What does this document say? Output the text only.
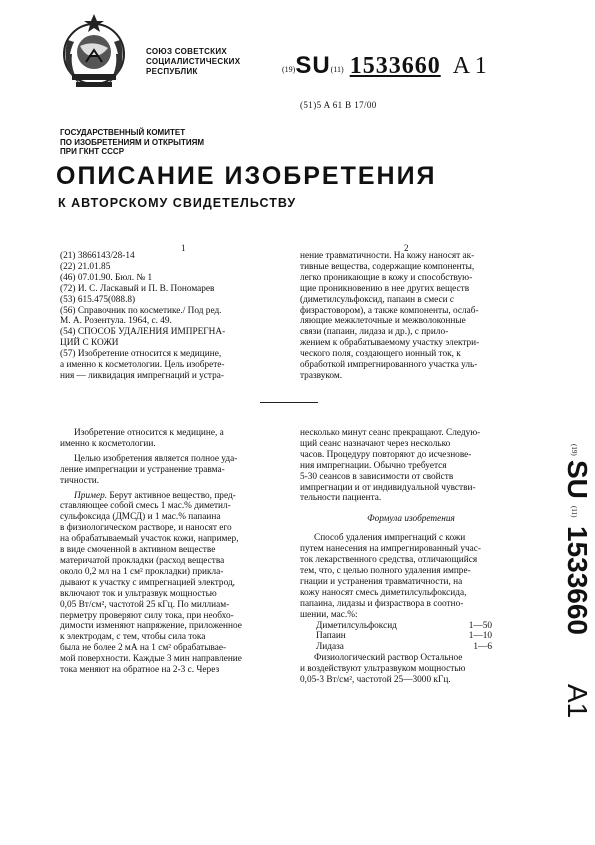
СОЮЗ СОВЕТСКИХ
СОЦИАЛИСТИЧЕСКИХ
РЕСПУБЛИК	(19)SU(11) 1533660 A 1
(51)5 A 61 B 17/00
ГОСУДАРСТВЕННЫЙ КОМИТЕТ
ПО ИЗОБРЕТЕНИЯМ И ОТКРЫТИЯМ
ПРИ ГКНТ СССР
ОПИСАНИЕ ИЗОБРЕТЕНИЯ
К АВТОРСКОМУ СВИДЕТЕЛЬСТВУ
1	2

(21) 3866143/28-14

(22) 21.01.85

(46) 07.01.90. Бюл. № 1

(72) И. С. Ласкавый и П. В. Пономарев

(53) 615.475(088.8)

(56) Справочник по косметике./ Под ред.

М. А. Розентула. 1964, с. 49.

(54) СПОСОБ УДАЛЕНИЯ ИМПРЕГНА-

ЦИЙ С КОЖИ

(57) Изобретение относится к медицине,

а именно к косметологии. Цель изобрете-

ния — ликвидация импрегнаций и устра-

нение травматичности. На кожу наносят ак-

тивные вещества, содержащие компоненты,

легко проникающие в кожу и способствую-

щие проникновению в нее других веществ

(диметилсульфоксид, папаин в смеси с

физрастовором), а также компоненты, ослаб-

ляющие межклеточные и межволоконные

связи (папаин, лидаза и др.), с прило-

жением к обрабатываемому участку электри-

ческого поля, создающего ионный ток, к

обработкой импрегнированного участка уль-

тразвуком.

Изобретение относится к медицине, а

именно к косметологии.

Целью изобретения является полное уда-

ление импрегнации и устранение травма-

тичности.

Пример. Берут активное вещество, пред-

ставляющее собой смесь 1 мас.% диметил-

сульфоксида (ДМСД) и 1 мас.% папаина

в физиологическом растворе, и наносят его

на обрабатываемый участок кожи, например,

в виде смоченной в активном веществе

материчатой прокладки (расход вещества

около 0,2 мл на 1 см² прокладки) прикла-

дывают к участку с импрегнацией электрод,

включают ток и ультразвук мощностью

0,05 Вт/см², частотой 25 кГц. По миллиам-

перметру проверяют силу тока, при необхо-

димости изменяют напряжение, приложенное

к электродам, с тем, чтобы сила тока

была не более 2 мА на 1 см² обрабатывае-

мой поверхности. Каждые 3 мин направление

тока меняют на обратное на 2-3 с. Через

несколько минут сеанс прекращают. Следую-

щий сеанс назначают через несколько

часов. Процедуру повторяют до исчезнове-

ния импрегнации. Обычно требуется

5-30 сеансов в зависимости от свойств

импрегнации и от индивидуальной чувстви-

тельности пациента.

Формула изобретения

Способ удаления импрегнаций с кожи

путем нанесения на импрегнированный учас-

ток лекарственного средства, отличающийся

тем, что, с целью полного удаления импре-

гнации и устранения травматичности, на

кожу наносят смесь диметилсульфоксида,

папаина, лидазы и физраствора в соотно-

шении, мас.%:

Диметилсульфоксид	1—50
Папаин	1—10
Лидаза	1—6

Физиологический раствор Остальное

и воздействуют ультразвуком мощностью

0,05-3 Вт/см², частотой 25—3000 кГц.

(19)
SU
(11)
1533660
A1
